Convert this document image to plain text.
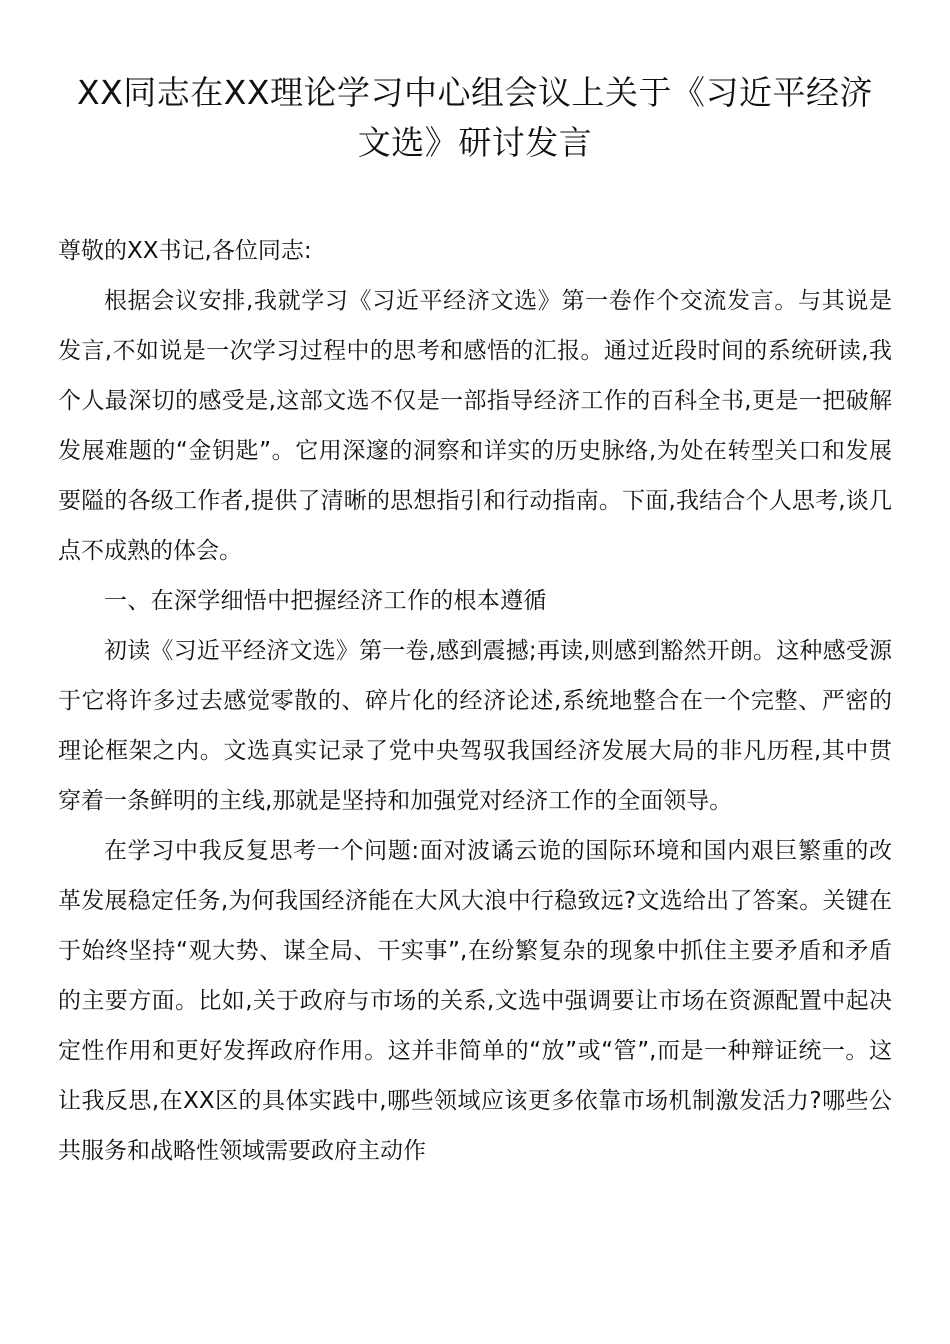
XX同志在XX理论学习中心组会议上关于《习近平经济文选》研讨发言

尊敬的XX书记,各位同志:

根据会议安排,我就学习《习近平经济文选》第一卷作个交流发言。与其说是发言,不如说是一次学习过程中的思考和感悟的汇报。通过近段时间的系统研读,我个人最深切的感受是,这部文选不仅是一部指导经济工作的百科全书,更是一把破解发展难题的“金钥匙”。它用深邃的洞察和详实的历史脉络,为处在转型关口和发展要隘的各级工作者,提供了清晰的思想指引和行动指南。下面,我结合个人思考,谈几点不成熟的体会。

一、在深学细悟中把握经济工作的根本遵循

初读《习近平经济文选》第一卷,感到震撼;再读,则感到豁然开朗。这种感受源于它将许多过去感觉零散的、碎片化的经济论述,系统地整合在一个完整、严密的理论框架之内。文选真实记录了党中央驾驭我国经济发展大局的非凡历程,其中贯穿着一条鲜明的主线,那就是坚持和加强党对经济工作的全面领导。

在学习中我反复思考一个问题:面对波谲云诡的国际环境和国内艰巨繁重的改革发展稳定任务,为何我国经济能在大风大浪中行稳致远?文选给出了答案。关键在于始终坚持“观大势、谋全局、干实事”,在纷繁复杂的现象中抓住主要矛盾和矛盾的主要方面。比如,关于政府与市场的关系,文选中强调要让市场在资源配置中起决定性作用和更好发挥政府作用。这并非简单的“放”或“管”,而是一种辩证统一。这让我反思,在XX区的具体实践中,哪些领域应该更多依靠市场机制激发活力?哪些公共服务和战略性领域需要政府主动作
